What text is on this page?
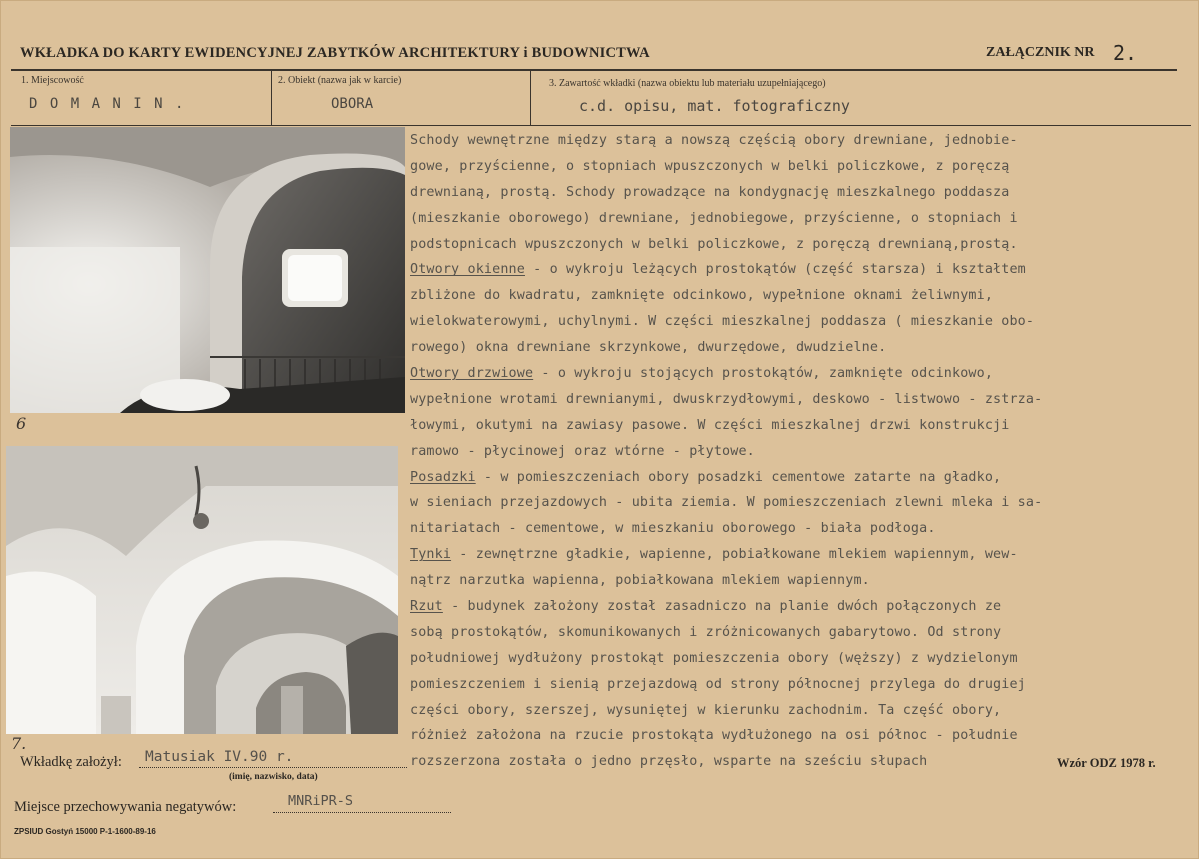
WKŁADKA DO KARTY EWIDENCYJNEJ ZABYTKÓW ARCHITEKTURY i BUDOWNICTWA	ZAŁĄCZNIK NR 2.
1. Miejscowość
D O M A N I N .
2. Obiekt (nazwa jak w karcie)
OBORA
3. Zawartość wkładki (nazwa obiektu lub materiału uzupełniającego)
c.d. opisu, mat. fotograficzny
6
7.

Schody wewnętrzne między starą a nowszą częścią obory drewniane, jednobie-

gowe, przyścienne, o stopniach wpuszczonych w belki policzkowe, z poręczą

drewnianą, prostą. Schody prowadzące na kondygnację mieszkalnego poddasza

(mieszkanie oborowego) drewniane, jednobiegowe, przyścienne, o stopniach i

podstopnicach wpuszczonych w belki policzkowe, z poręczą drewnianą,prostą.

Otwory okienne - o wykroju leżących prostokątów (część starsza) i kształtem

zbliżone do kwadratu, zamknięte odcinkowo, wypełnione oknami żeliwnymi,

wielokwaterowymi, uchylnymi. W części mieszkalnej poddasza ( mieszkanie obo-

rowego) okna drewniane skrzynkowe, dwurzędowe, dwudzielne.

Otwory drzwiowe - o wykroju stojących prostokątów, zamknięte odcinkowo,

wypełnione wrotami drewnianymi, dwuskrzydłowymi, deskowo - listwowo - zstrza-

łowymi, okutymi na zawiasy pasowe. W części mieszkalnej drzwi konstrukcji

ramowo - płycinowej oraz wtórne - płytowe.

Posadzki - w pomieszczeniach obory posadzki cementowe zatarte na gładko,

w sieniach przejazdowych - ubita ziemia. W pomieszczeniach zlewni mleka i sa-

nitariatach - cementowe, w mieszkaniu oborowego - biała podłoga.

Tynki - zewnętrzne gładkie, wapienne, pobiałkowane mlekiem wapiennym, wew-

nątrz narzutka wapienna, pobiałkowana mlekiem wapiennym.

Rzut - budynek założony został zasadniczo na planie dwóch połączonych ze

sobą prostokątów, skomunikowanych i zróżnicowanych gabarytowo. Od strony

południowej wydłużony prostokąt pomieszczenia obory (węższy) z wydzielonym

pomieszczeniem i sienią przejazdową od strony północnej przylega do drugiej

części obory, szerszej, wysuniętej w kierunku zachodnim. Ta część obory,

różnież założona na rzucie prostokąta wydłużonego na osi północ - południe

rozszerzona została o jedno przęsło, wsparte na sześciu słupach

Wkładkę założył: Matusiak IV.90 r.
(imię, nazwisko, data)
Wzór ODZ 1978 r.
Miejsce przechowywania negatywów:	MNRiPR-S
ZPSIUD Gostyń 15000 P-1-1600-89-16
